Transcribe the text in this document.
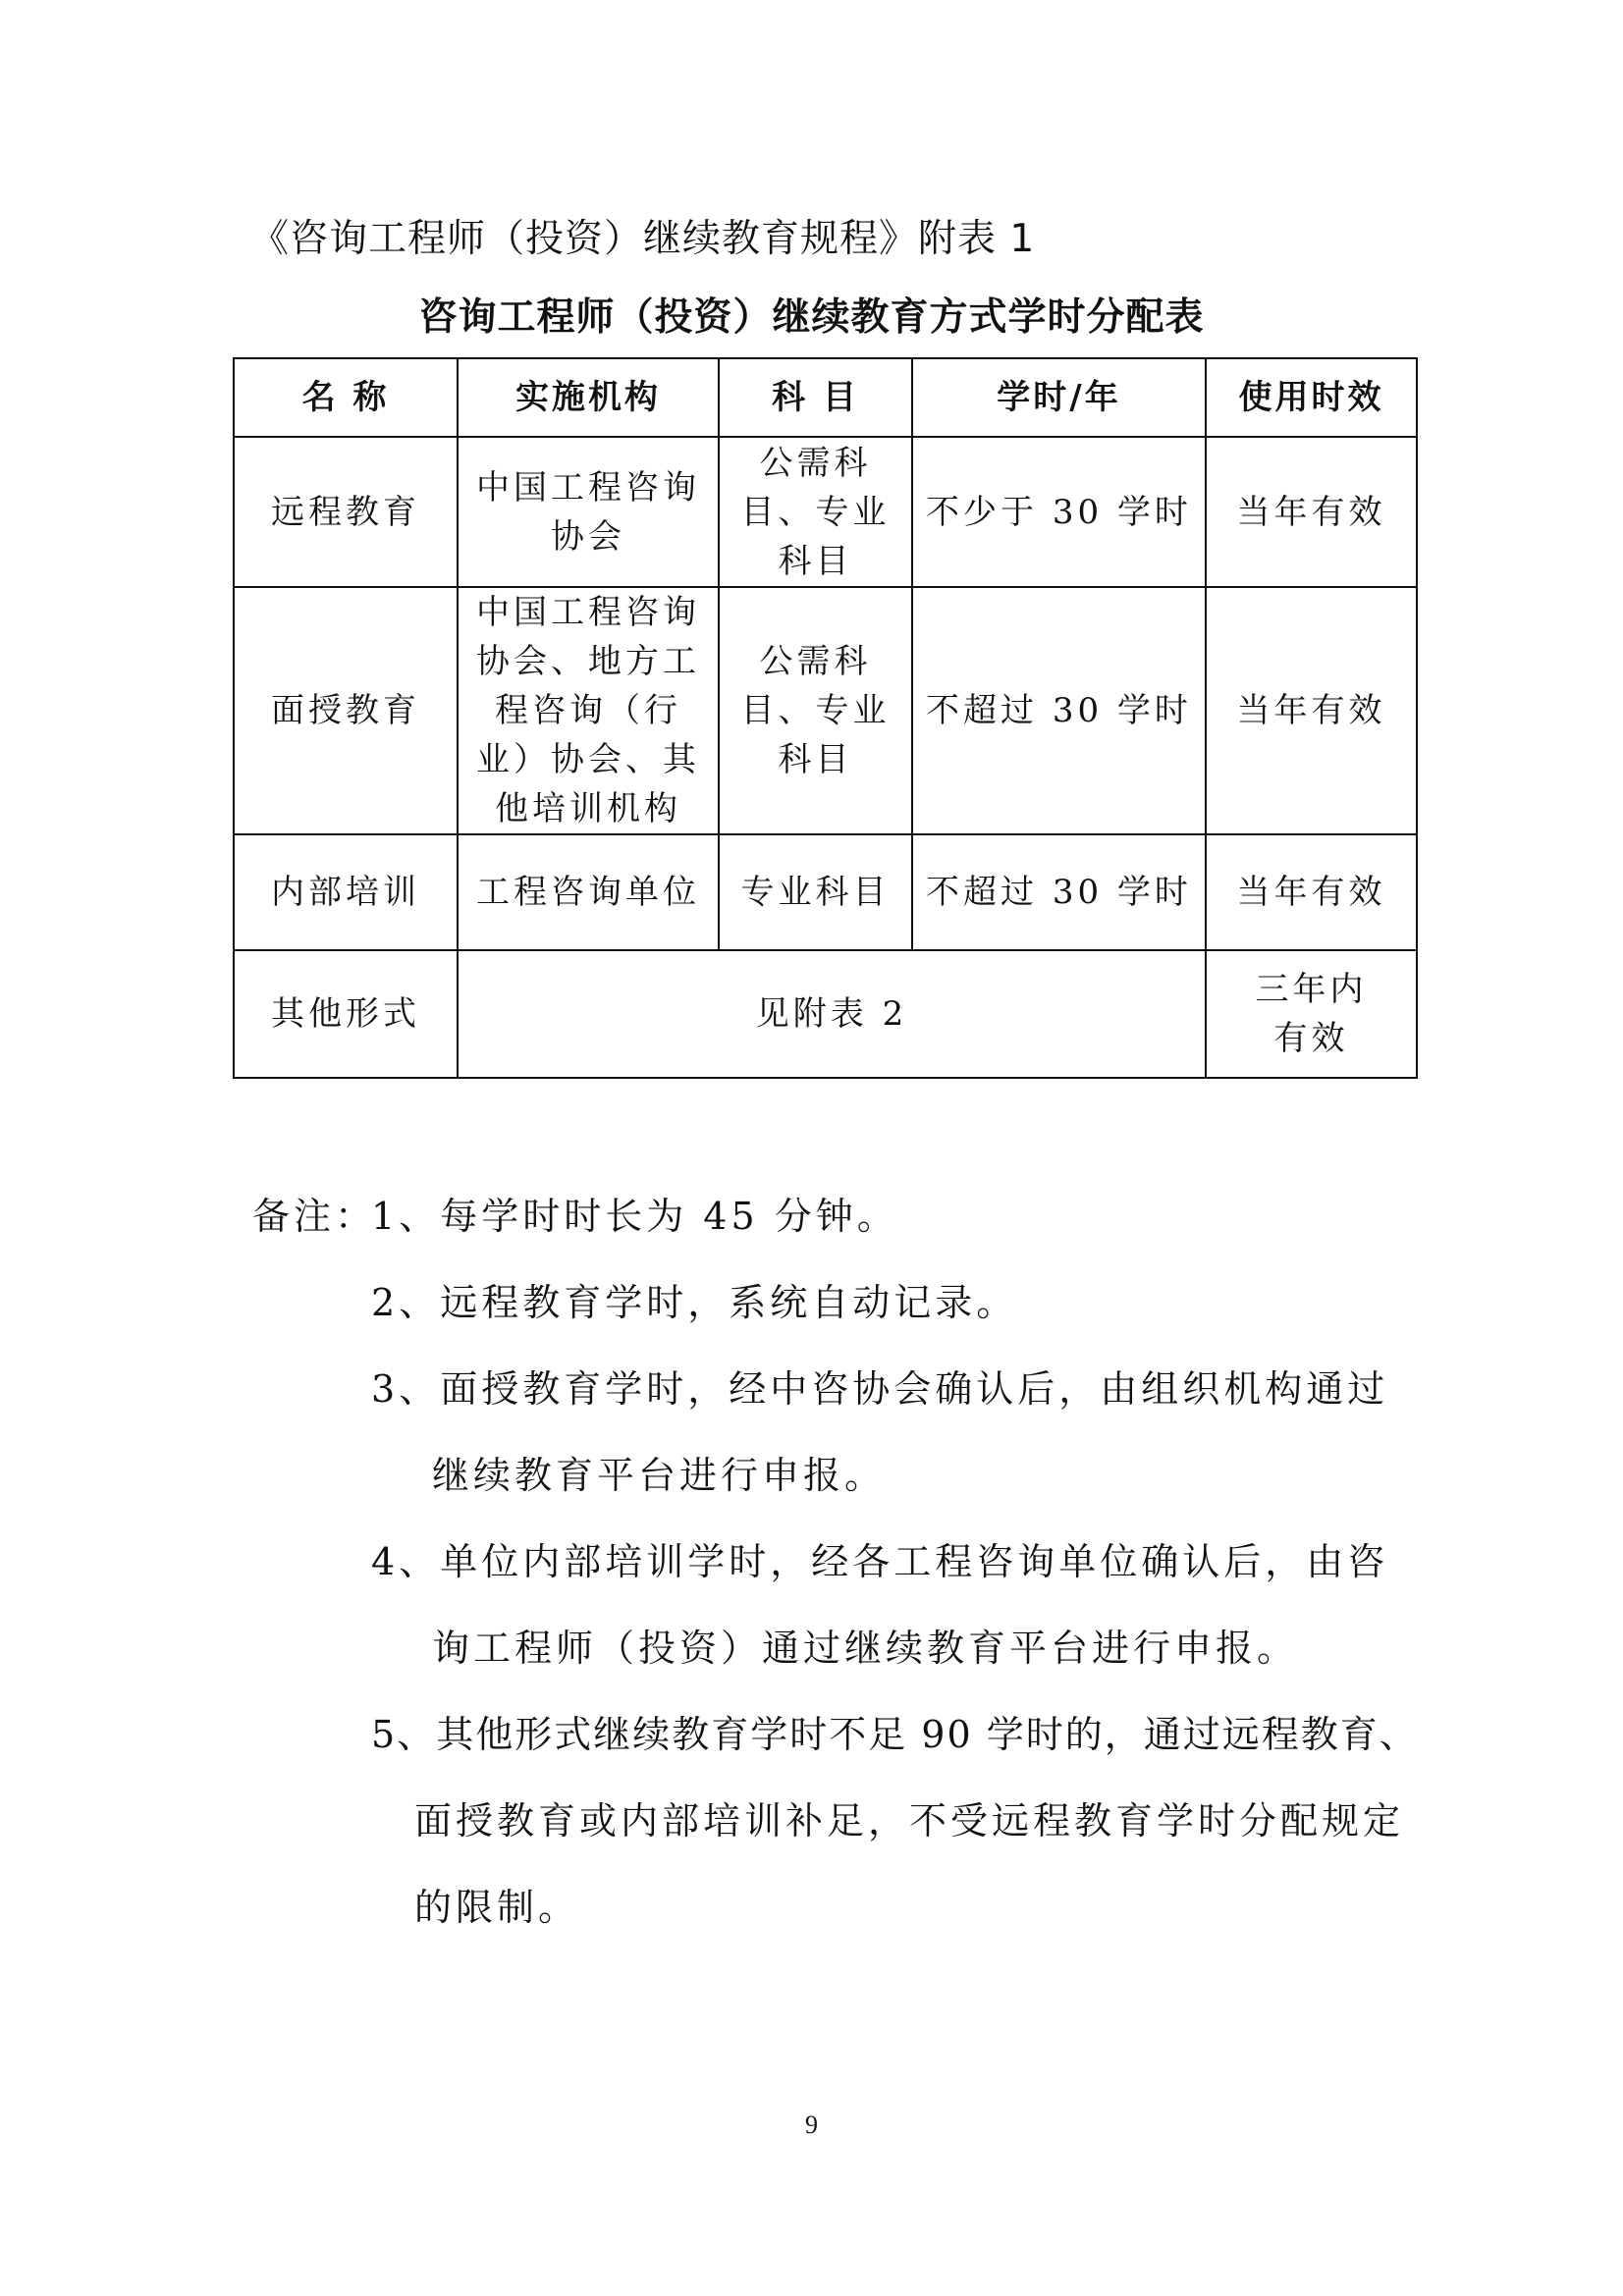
《咨询工程师（投资）继续教育规程》附表 1
咨询工程师（投资）继续教育方式学时分配表
名 称	实施机构	科 目	学时/年	使用时效
远程教育	中国工程咨询协会	公需科目、专业科目	不少于 30 学时	当年有效
面授教育	中国工程咨询协会、地方工程咨询（行业）协会、其他培训机构	公需科目、专业科目	不超过 30 学时	当年有效
内部培训	工程咨询单位	专业科目	不超过 30 学时	当年有效
其他形式	见附表 2			三年内有效
备注：
1、每学时时长为 45 分钟。
2、远程教育学时，系统自动记录。
3、面授教育学时，经中咨协会确认后，由组织机构通过
继续教育平台进行申报。
4、单位内部培训学时，经各工程咨询单位确认后，由咨
询工程师（投资）通过继续教育平台进行申报。
5、其他形式继续教育学时不足 90 学时的，通过远程教育、
面授教育或内部培训补足，不受远程教育学时分配规定
的限制。
9
